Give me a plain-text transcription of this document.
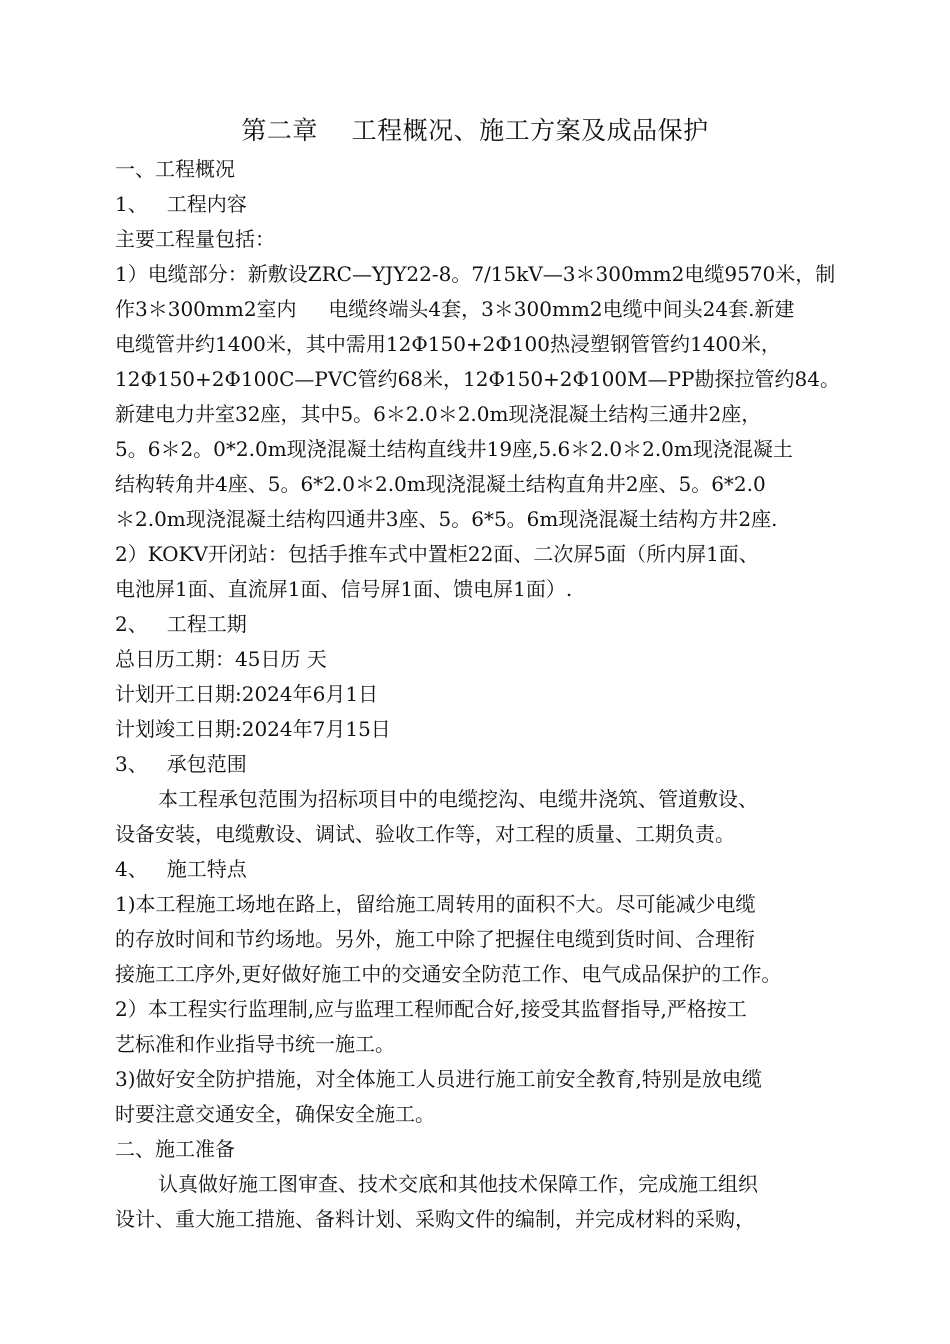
第二章    工程概况、施工方案及成品保护
一、工程概况
1、   工程内容
主要工程量包括：
1）电缆部分：新敷设ZRC—YJY22-8。7/15kV—3＊300mm2电缆9570米，制
作3＊300mm2室内     电缆终端头4套，3＊300mm2电缆中间头24套.新建
电缆管井约1400米，其中需用12Φ150+2Φ100热浸塑钢管管约1400米，
12Φ150+2Φ100C—PVC管约68米，12Φ150+2Φ100M—PP勘探拉管约84。
新建电力井室32座，其中5。6＊2.0＊2.0m现浇混凝土结构三通井2座，
5。6＊2。0*2.0m现浇混凝土结构直线井19座,5.6＊2.0＊2.0m现浇混凝土
结构转角井4座、5。6*2.0＊2.0m现浇混凝土结构直角井2座、5。6*2.0
＊2.0m现浇混凝土结构四通井3座、5。6*5。6m现浇混凝土结构方井2座.
2）KOKV开闭站：包括手推车式中置柜22面、二次屏5面（所内屏1面、
电池屏1面、直流屏1面、信号屏1面、馈电屏1面）.
2、   工程工期
总日历工期：45日历 天
计划开工日期:2024年6月1日
计划竣工日期:2024年7月15日
3、   承包范围
本工程承包范围为招标项目中的电缆挖沟、电缆井浇筑、管道敷设、
设备安装，电缆敷设、调试、验收工作等，对工程的质量、工期负责。
4、   施工特点
1)本工程施工场地在路上，留给施工周转用的面积不大。尽可能减少电缆
的存放时间和节约场地。另外，施工中除了把握住电缆到货时间、合理衔
接施工工序外,更好做好施工中的交通安全防范工作、电气成品保护的工作。
2）本工程实行监理制,应与监理工程师配合好,接受其监督指导,严格按工
艺标准和作业指导书统一施工。
3)做好安全防护措施，对全体施工人员进行施工前安全教育,特别是放电缆
时要注意交通安全，确保安全施工。
二、施工准备
认真做好施工图审查、技术交底和其他技术保障工作，完成施工组织
设计、重大施工措施、备料计划、采购文件的编制，并完成材料的采购，
